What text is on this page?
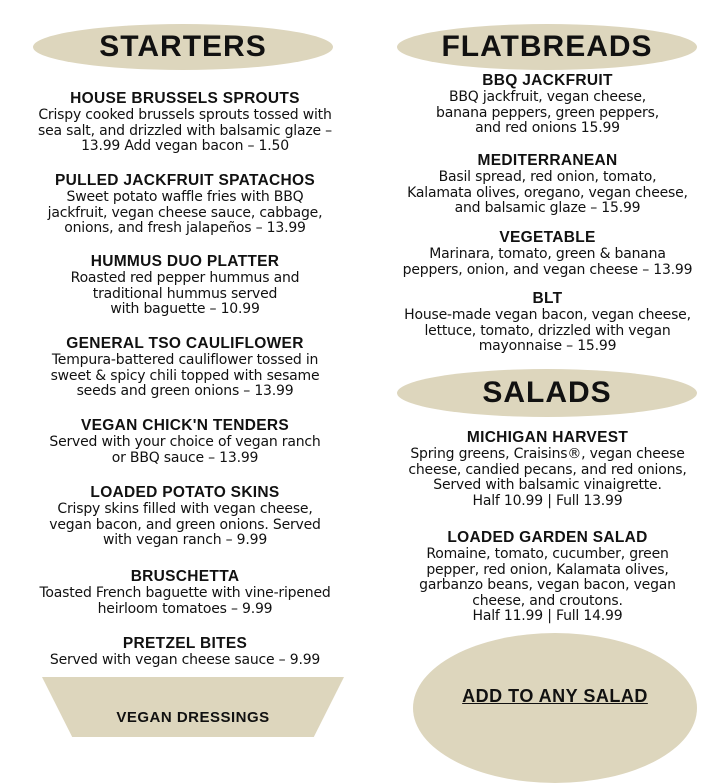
STARTERS
HOUSE BRUSSELS SPROUTS
Crispy cooked brussels sprouts tossed with
sea salt, and drizzled with balsamic glaze –
13.99 Add vegan bacon – 1.50
PULLED JACKFRUIT SPATACHOS
Sweet potato waffle fries with BBQ
jackfruit, vegan cheese sauce, cabbage,
onions, and fresh jalapeños – 13.99
HUMMUS DUO PLATTER
Roasted red pepper hummus and
traditional hummus served
with baguette – 10.99
GENERAL TSO CAULIFLOWER
Tempura-battered cauliflower tossed in
sweet & spicy chili topped with sesame
seeds and green onions – 13.99
VEGAN CHICK'N TENDERS
Served with your choice of vegan ranch
or BBQ sauce – 13.99
LOADED POTATO SKINS
Crispy skins filled with vegan cheese,
vegan bacon, and green onions. Served
with vegan ranch – 9.99
BRUSCHETTA
Toasted French baguette with vine-ripened
heirloom tomatoes – 9.99
PRETZEL BITES
Served with vegan cheese sauce – 9.99
FLATBREADS
BBQ JACKFRUIT
BBQ jackfruit, vegan cheese,
banana peppers, green peppers,
and red onions 15.99
MEDITERRANEAN
Basil spread, red onion, tomato,
Kalamata olives, oregano, vegan cheese,
and balsamic glaze – 15.99
VEGETABLE
Marinara, tomato, green & banana
peppers, onion, and vegan cheese – 13.99
BLT
House-made vegan bacon, vegan cheese,
lettuce, tomato, drizzled with vegan
mayonnaise – 15.99
SALADS
MICHIGAN HARVEST
Spring greens, Craisins®, vegan cheese
cheese, candied pecans, and red onions,
Served with balsamic vinaigrette.
Half 10.99 | Full 13.99
LOADED GARDEN SALAD
Romaine, tomato, cucumber, green
pepper, red onion, Kalamata olives,
garbanzo beans, vegan bacon, vegan
cheese, and croutons.
Half 11.99 | Full 14.99
VEGAN DRESSINGS
ADD TO ANY SALAD
